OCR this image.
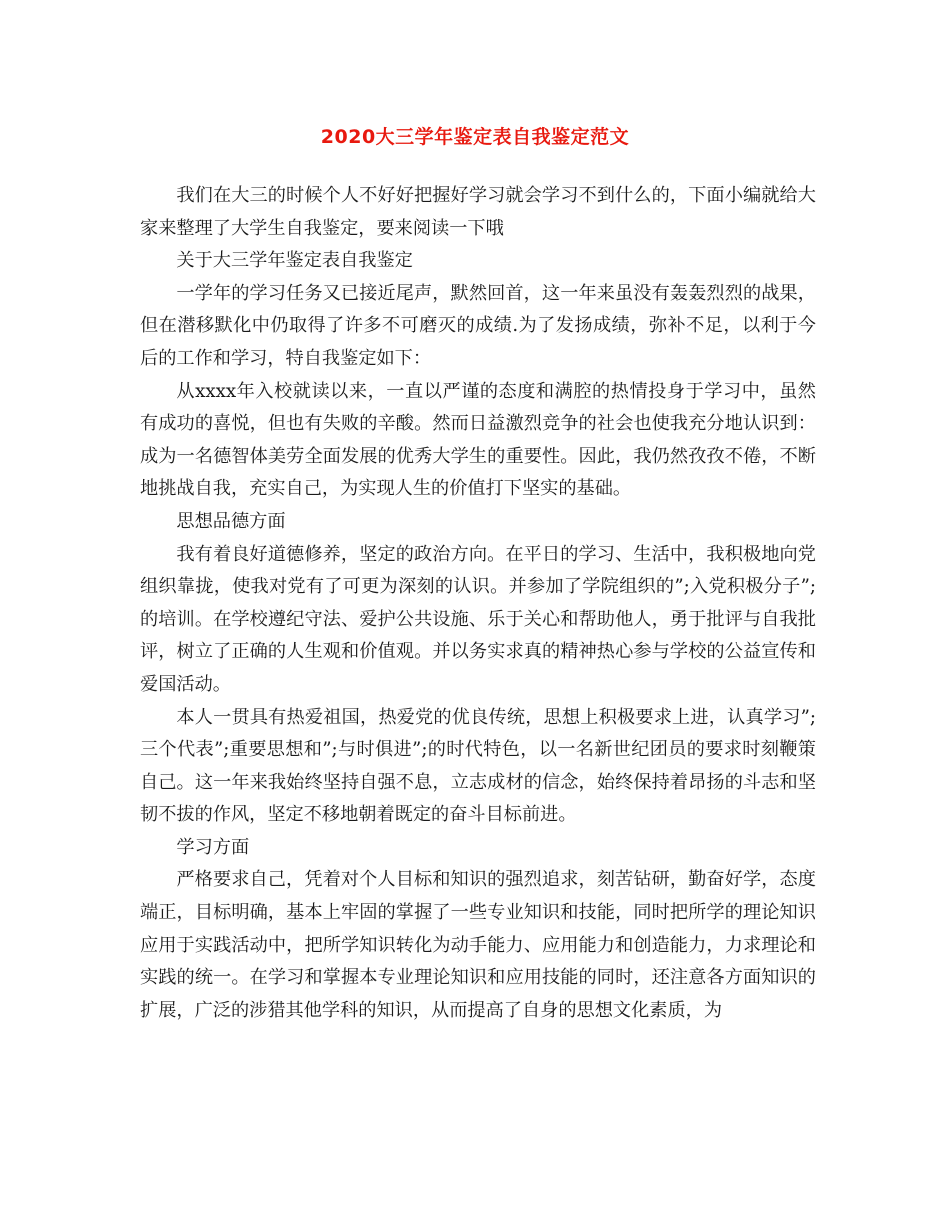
2020大三学年鉴定表自我鉴定范文

我们在大三的时候个人不好好把握好学习就会学习不到什么的，下面小编就给大家来整理了大学生自我鉴定，要来阅读一下哦

关于大三学年鉴定表自我鉴定

一学年的学习任务又已接近尾声，默然回首，这一年来虽没有轰轰烈烈的战果，但在潜移默化中仍取得了许多不可磨灭的成绩.为了发扬成绩，弥补不足，以利于今后的工作和学习，特自我鉴定如下：

从xxxx年入校就读以来，一直以严谨的态度和满腔的热情投身于学习中，虽然有成功的喜悦，但也有失败的辛酸。然而日益激烈竞争的社会也使我充分地认识到：成为一名德智体美劳全面发展的优秀大学生的重要性。因此，我仍然孜孜不倦，不断地挑战自我，充实自己，为实现人生的价值打下坚实的基础。

思想品德方面

我有着良好道德修养，坚定的政治方向。在平日的学习、生活中，我积极地向党组织靠拢，使我对党有了可更为深刻的认识。并参加了学院组织的”;入党积极分子”;的培训。在学校遵纪守法、爱护公共设施、乐于关心和帮助他人，勇于批评与自我批评，树立了正确的人生观和价值观。并以务实求真的精神热心参与学校的公益宣传和爱国活动。

本人一贯具有热爱祖国，热爱党的优良传统，思想上积极要求上进，认真学习”;三个代表”;重要思想和”;与时俱进”;的时代特色，以一名新世纪团员的要求时刻鞭策自己。这一年来我始终坚持自强不息，立志成材的信念，始终保持着昂扬的斗志和坚韧不拔的作风，坚定不移地朝着既定的奋斗目标前进。

学习方面

严格要求自己，凭着对个人目标和知识的强烈追求，刻苦钻研，勤奋好学，态度端正，目标明确，基本上牢固的掌握了一些专业知识和技能，同时把所学的理论知识应用于实践活动中，把所学知识转化为动手能力、应用能力和创造能力，力求理论和实践的统一。在学习和掌握本专业理论知识和应用技能的同时，还注意各方面知识的扩展，广泛的涉猎其他学科的知识，从而提高了自身的思想文化素质，为
